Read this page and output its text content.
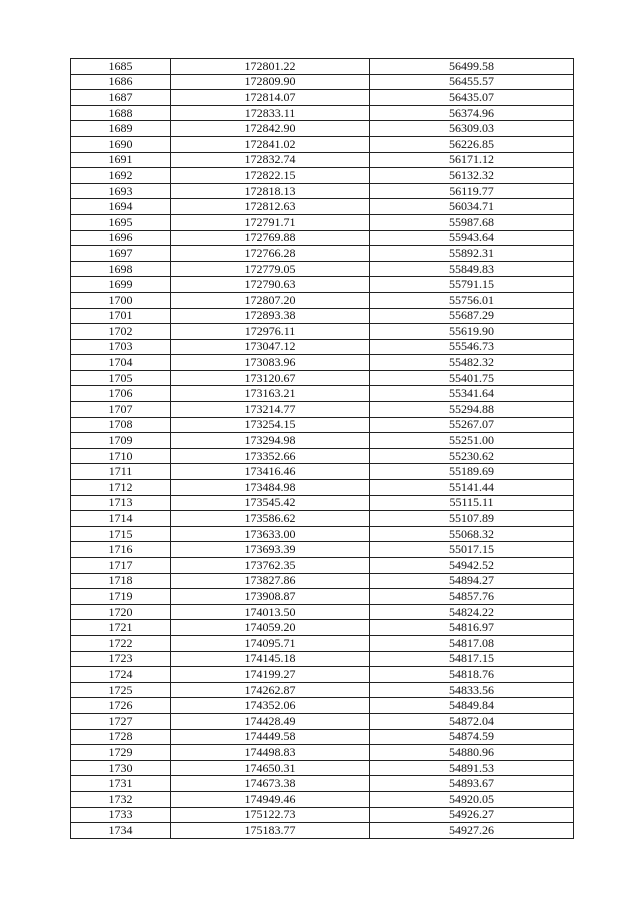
1685	172801.22	56499.58
1686	172809.90	56455.57
1687	172814.07	56435.07
1688	172833.11	56374.96
1689	172842.90	56309.03
1690	172841.02	56226.85
1691	172832.74	56171.12
1692	172822.15	56132.32
1693	172818.13	56119.77
1694	172812.63	56034.71
1695	172791.71	55987.68
1696	172769.88	55943.64
1697	172766.28	55892.31
1698	172779.05	55849.83
1699	172790.63	55791.15
1700	172807.20	55756.01
1701	172893.38	55687.29
1702	172976.11	55619.90
1703	173047.12	55546.73
1704	173083.96	55482.32
1705	173120.67	55401.75
1706	173163.21	55341.64
1707	173214.77	55294.88
1708	173254.15	55267.07
1709	173294.98	55251.00
1710	173352.66	55230.62
1711	173416.46	55189.69
1712	173484.98	55141.44
1713	173545.42	55115.11
1714	173586.62	55107.89
1715	173633.00	55068.32
1716	173693.39	55017.15
1717	173762.35	54942.52
1718	173827.86	54894.27
1719	173908.87	54857.76
1720	174013.50	54824.22
1721	174059.20	54816.97
1722	174095.71	54817.08
1723	174145.18	54817.15
1724	174199.27	54818.76
1725	174262.87	54833.56
1726	174352.06	54849.84
1727	174428.49	54872.04
1728	174449.58	54874.59
1729	174498.83	54880.96
1730	174650.31	54891.53
1731	174673.38	54893.67
1732	174949.46	54920.05
1733	175122.73	54926.27
1734	175183.77	54927.26
